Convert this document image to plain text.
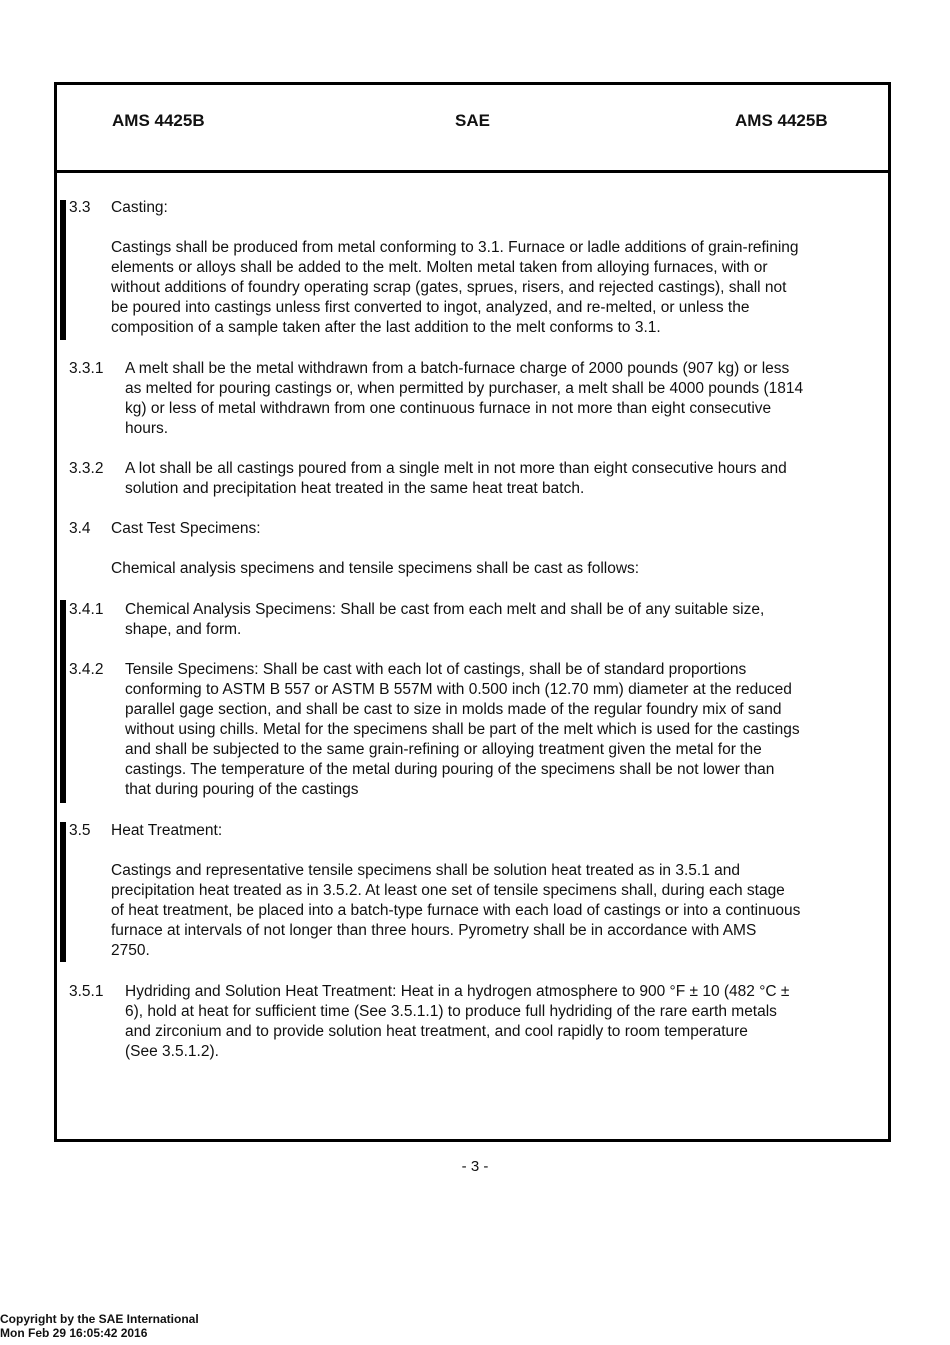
AMS 4425B	SAE	AMS 4425B
3.3 Casting:
Castings shall be produced from metal conforming to 3.1. Furnace or ladle additions of grain-refining
elements or alloys shall be added to the melt. Molten metal taken from alloying furnaces, with or
without additions of foundry operating scrap (gates, sprues, risers, and rejected castings), shall not
be poured into castings unless first converted to ingot, analyzed, and re-melted, or unless the
composition of a sample taken after the last addition to the melt conforms to 3.1.
3.3.1 A melt shall be the metal withdrawn from a batch-furnace charge of 2000 pounds (907 kg) or less
as melted for pouring castings or, when permitted by purchaser, a melt shall be 4000 pounds (1814
kg) or less of metal withdrawn from one continuous furnace in not more than eight consecutive
hours.
3.3.2 A lot shall be all castings poured from a single melt in not more than eight consecutive hours and
solution and precipitation heat treated in the same heat treat batch.
3.4 Cast Test Specimens:
Chemical analysis specimens and tensile specimens shall be cast as follows:
3.4.1 Chemical Analysis Specimens: Shall be cast from each melt and shall be of any suitable size,
shape, and form.
3.4.2 Tensile Specimens: Shall be cast with each lot of castings, shall be of standard proportions
conforming to ASTM B 557 or ASTM B 557M with 0.500 inch (12.70 mm) diameter at the reduced
parallel gage section, and shall be cast to size in molds made of the regular foundry mix of sand
without using chills. Metal for the specimens shall be part of the melt which is used for the castings
and shall be subjected to the same grain-refining or alloying treatment given the metal for the
castings. The temperature of the metal during pouring of the specimens shall be not lower than
that during pouring of the castings
3.5 Heat Treatment:
Castings and representative tensile specimens shall be solution heat treated as in 3.5.1 and
precipitation heat treated as in 3.5.2. At least one set of tensile specimens shall, during each stage
of heat treatment, be placed into a batch-type furnace with each load of castings or into a continuous
furnace at intervals of not longer than three hours. Pyrometry shall be in accordance with AMS
2750.
3.5.1 Hydriding and Solution Heat Treatment: Heat in a hydrogen atmosphere to 900 °F ± 10 (482 °C ±
6), hold at heat for sufficient time (See 3.5.1.1) to produce full hydriding of the rare earth metals
and zirconium and to provide solution heat treatment, and cool rapidly to room temperature
(See 3.5.1.2).
- 3 -
Copyright by the SAE International
Mon Feb 29 16:05:42 2016
